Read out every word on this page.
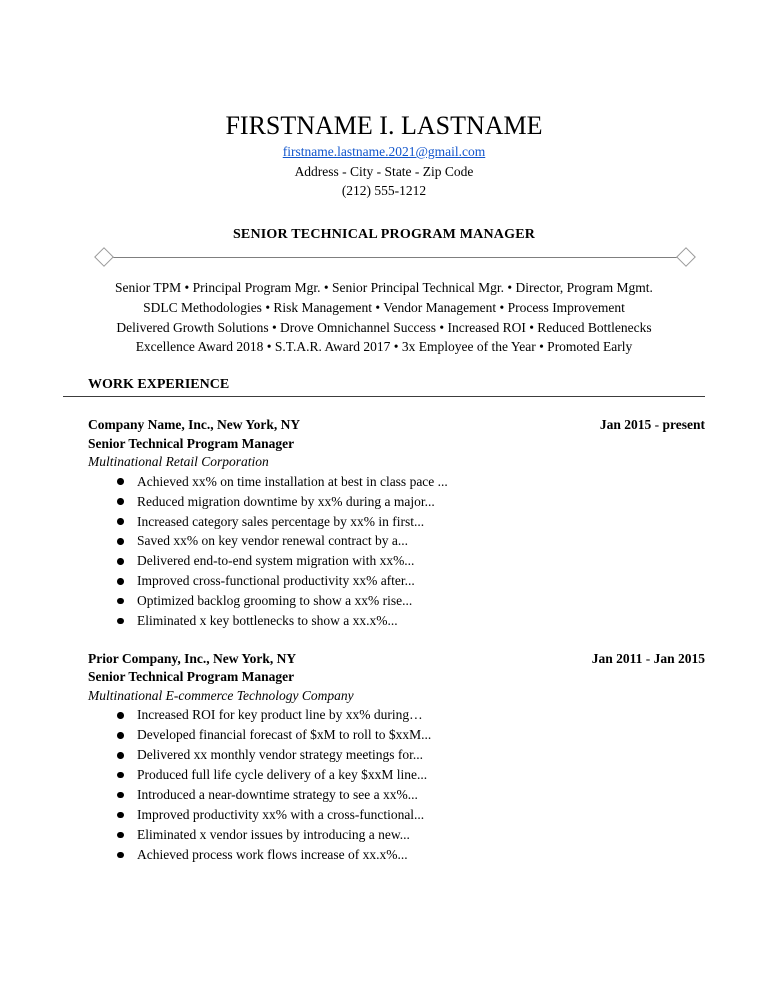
FIRSTNAME I. LASTNAME
firstname.lastname.2021@gmail.com
Address - City - State - Zip Code
(212) 555-1212
SENIOR TECHNICAL PROGRAM MANAGER
Senior TPM • Principal Program Mgr. • Senior Principal Technical Mgr. • Director, Program Mgmt.
SDLC Methodologies • Risk Management • Vendor Management • Process Improvement
Delivered Growth Solutions • Drove Omnichannel Success • Increased ROI • Reduced Bottlenecks
Excellence Award 2018 • S.T.A.R. Award 2017 • 3x Employee of the Year • Promoted Early
WORK EXPERIENCE
Company Name, Inc., New York, NY	Jan 2015 - present
Senior Technical Program Manager
Multinational Retail Corporation
Achieved xx% on time installation at best in class pace ...
Reduced migration downtime by xx% during a major...
Increased category sales percentage by xx% in first...
Saved xx% on key vendor renewal contract by a...
Delivered end-to-end system migration with xx%...
Improved cross-functional productivity xx% after...
Optimized backlog grooming to show a xx% rise...
Eliminated x key bottlenecks to show a xx.x%...
Prior Company, Inc., New York, NY	Jan 2011 - Jan 2015
Senior Technical Program Manager
Multinational E-commerce Technology Company
Increased ROI for key product line by xx% during…
Developed financial forecast of $xM to roll to $xxM...
Delivered xx monthly vendor strategy meetings for...
Produced full life cycle delivery of a key $xxM line...
Introduced a near-downtime strategy to see a xx%...
Improved productivity xx% with a cross-functional...
Eliminated x vendor issues by introducing a new...
Achieved process work flows increase of xx.x%...
